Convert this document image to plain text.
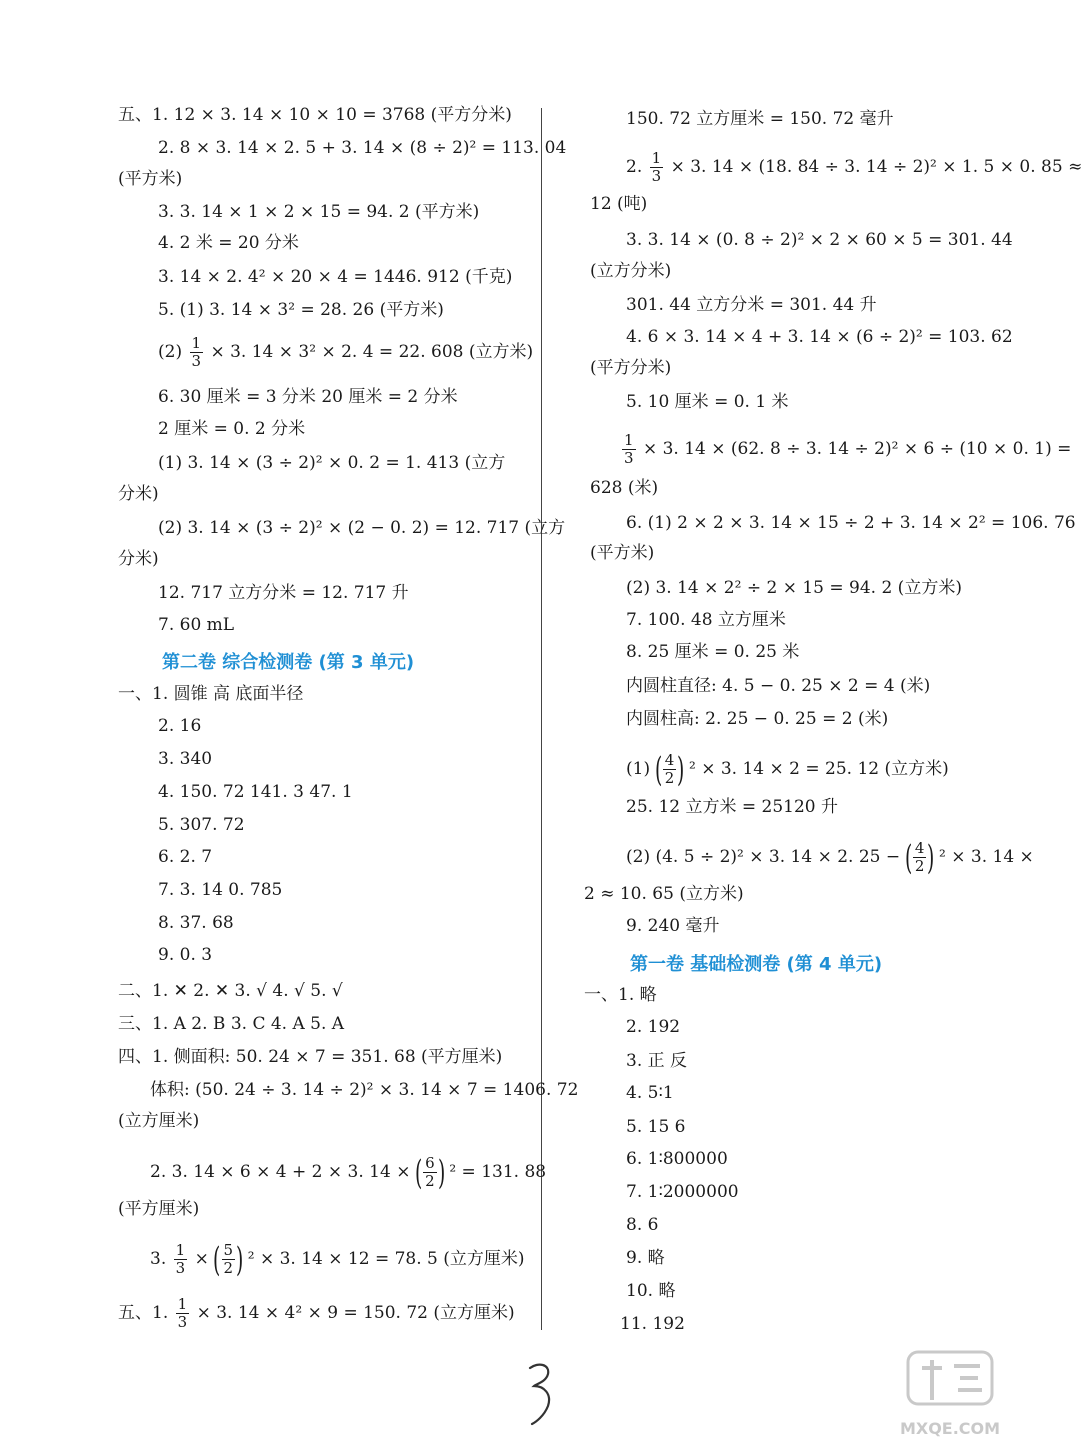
五、1. 12 × 3. 14 × 10 × 10 = 3768 (平方分米)
2. 8 × 3. 14 × 2. 5 + 3. 14 × (8 ÷ 2)² = 113. 04
(平方米)
3. 3. 14 × 1 × 2 × 15 = 94. 2 (平方米)
4. 2 米 = 20 分米
3. 14 × 2. 4² × 20 × 4 = 1446. 912 (千克)
5. (1) 3. 14 × 3² = 28. 26 (平方米)
$(2) \frac{1}{3} \times 3$. 14 × 3² × 2. 4 = 22. 608 (立方米)
6. 30 厘米 = 3 分米 20 厘米 = 2 分米
2 厘米 = 0. 2 分米
(1) 3. 14 × (3 ÷ 2)² × 0. 2 = 1. 413 (立方
分米)
(2) 3. 14 × (3 ÷ 2)² × (2 − 0. 2) = 12. 717 (立方
分米)
12. 717 立方分米 = 12. 717 升
7. 60 mL
第二卷 综合检测卷 (第 3 单元)
一、1. 圆锥 高 底面半径
2. 16
3. 340
4. 150. 72 141. 3 47. 1
5. 307. 72
6. 2. 7
7. 3. 14 0. 785
8. 37. 68
9. 0. 3
二、1. ✕ 2. ✕ 3. √ 4. √ 5. √
三、1. A 2. B 3. C 4. A 5. A
四、1. 侧面积: 50. 24 × 7 = 351. 68 (平方厘米)
体积: (50. 24 ÷ 3. 14 ÷ 2)² × 3. 14 × 7 = 1406. 72
(立方厘米)
2. 3. 14 × 6 × 4 + 2 × 3. 14 × ( $\frac{6}{2}$ ) ² = 131. 88
(平方厘米)
3. $\frac{1}{3}$ × ( $\frac{5}{2}$ ) ² × 3. 14 × 12 = 78. 5 (立方厘米)
五、1. $\frac{1}{3} \times 3$. 14 × 4² × 9 = 150. 72 (立方厘米)
150. 72 立方厘米 = 150. 72 毫升
2. $\frac{1}{3} \times 3$. 14 × (18. 84 ÷ 3. 14 ÷ 2)² × 1. 5 × 0. 85 ≈
12 (吨)
3. 3. 14 × (0. 8 ÷ 2)² × 2 × 60 × 5 = 301. 44
(立方分米)
301. 44 立方分米 = 301. 44 升
4. 6 × 3. 14 × 4 + 3. 14 × (6 ÷ 2)² = 103. 62
(平方分米)
5. 10 厘米 = 0. 1 米
$\frac{1}{3} \times 3$. 14 × (62. 8 ÷ 3. 14 ÷ 2)² × 6 ÷ (10 × 0. 1) =
628 (米)
6. (1) 2 × 2 × 3. 14 × 15 ÷ 2 + 3. 14 × 2² = 106. 76
(平方米)
(2) 3. 14 × 2² ÷ 2 × 15 = 94. 2 (立方米)
7. 100. 48 立方厘米
8. 25 厘米 = 0. 25 米
内圆柱直径: 4. 5 − 0. 25 × 2 = 4 (米)
内圆柱高: 2. 25 − 0. 25 = 2 (米)
(1) ( $\frac{4}{2}$ ) ² × 3. 14 × 2 = 25. 12 (立方米)
25. 12 立方米 = 25120 升
(2) (4. 5 ÷ 2)² × 3. 14 × 2. 25 − ( $\frac{4}{2}$ ) ² × 3. 14 ×
2 ≈ 10. 65 (立方米)
9. 240 毫升
第一卷 基础检测卷 (第 4 单元)
一、1. 略
2. 192
3. 正 反
4. 5∶1
5. 15 6
6. 1∶800000
7. 1∶2000000
8. 6
9. 略
10. 略
11. 192
MXQE.COM
